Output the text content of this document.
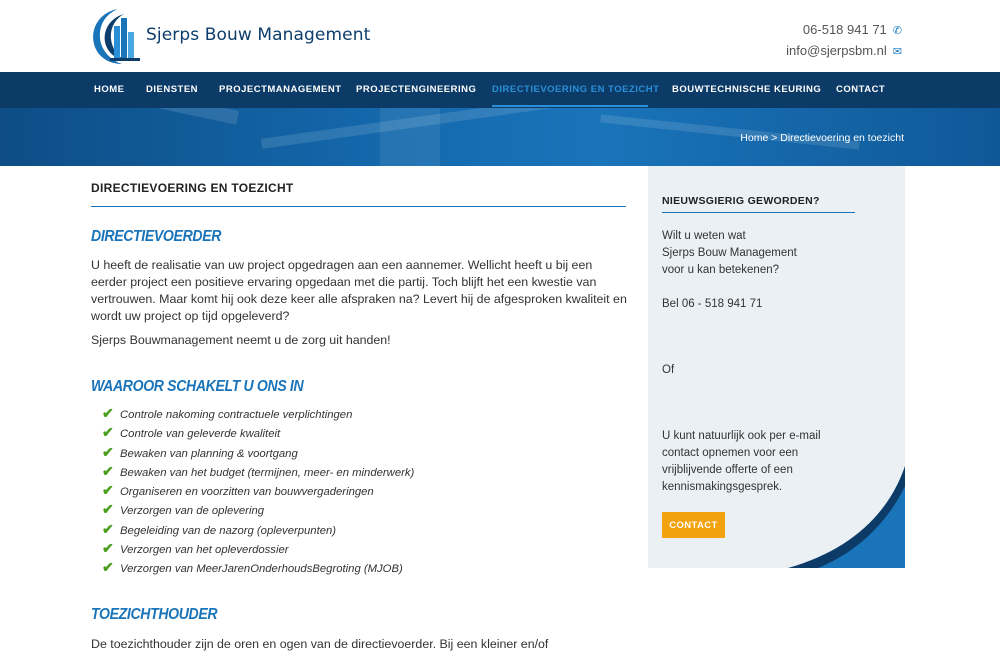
Sjerps Bouw Management	06-518 941 71 ✆
info@sjerpsbm.nl ✉
HOME DIENSTEN PROJECTMANAGEMENT PROJECTENGINEERING DIRECTIEVOERING EN TOEZICHT BOUWTECHNISCHE KEURING CONTACT
Home > Directievoering en toezicht
DIRECTIEVOERING EN TOEZICHT
DIRECTIEVOERDER
U heeft de realisatie van uw project opgedragen aan een aannemer. Wellicht heeft u bij een eerder project een positieve ervaring opgedaan met die partij. Toch blijft het een kwestie van vertrouwen. Maar komt hij ook deze keer alle afspraken na? Levert hij de afgesproken kwaliteit en wordt uw project op tijd opgeleverd?
Sjerps Bouwmanagement neemt u de zorg uit handen!
WAAROOR SCHAKELT U ONS IN
✔ Controle nakoming contractuele verplichtingen
✔ Controle van geleverde kwaliteit
✔ Bewaken van planning & voortgang
✔ Bewaken van het budget (termijnen, meer- en minderwerk)
✔ Organiseren en voorzitten van bouwvergaderingen
✔ Verzorgen van de oplevering
✔ Begeleiding van de nazorg (opleverpunten)
✔ Verzorgen van het opleverdossier
✔ Verzorgen van MeerJarenOnderhoudsBegroting (MJOB)
TOEZICHTHOUDER
De toezichthouder zijn de oren en ogen van de directievoerder. Bij een kleiner en/of
NIEUWSGIERIG GEWORDEN?
Wilt u weten wat
Sjerps Bouw Management
voor u kan betekenen?
Bel 06 - 518 941 71
Of
U kunt natuurlijk ook per e-mail contact opnemen voor een vrijblijvende offerte of een kennismakingsgesprek.
CONTACT
